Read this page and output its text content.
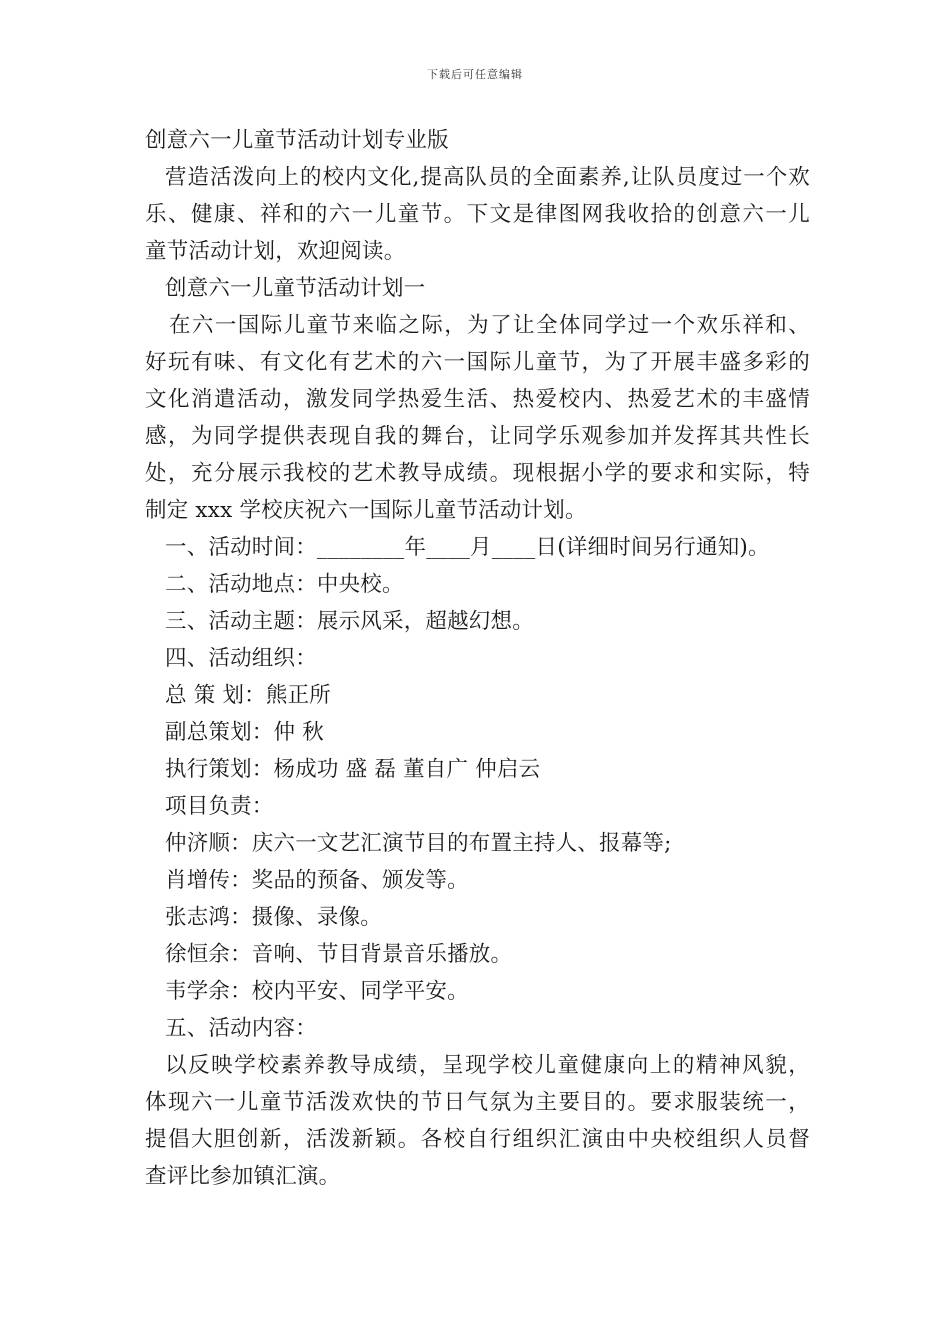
下载后可任意编辑
创意六一儿童节活动计划专业版
营造活泼向上的校内文化,提高队员的全面素养,让队员度过一个欢
乐、健康、祥和的六一儿童节。下文是律图网我收拾的创意六一儿
童节活动计划，欢迎阅读。
创意六一儿童节活动计划一
在六一国际儿童节来临之际，为了让全体同学过一个欢乐祥和、
好玩有味、有文化有艺术的六一国际儿童节，为了开展丰盛多彩的
文化消遣活动，激发同学热爱生活、热爱校内、热爱艺术的丰盛情
感，为同学提供表现自我的舞台，让同学乐观参加并发挥其共性长
处，充分展示我校的艺术教导成绩。现根据小学的要求和实际，特
制定 xxx 学校庆祝六一国际儿童节活动计划。
一、活动时间：________年____月____日(详细时间另行通知)。
二、活动地点：中央校。
三、活动主题：展示风采，超越幻想。
四、活动组织：
总 策 划：熊正所
副总策划：仲 秋
执行策划：杨成功 盛 磊 董自广 仲启云
项目负责：
仲济顺：庆六一文艺汇演节目的布置主持人、报幕等;
肖增传：奖品的预备、颁发等。
张志鸿：摄像、录像。
徐恒余：音响、节目背景音乐播放。
韦学余：校内平安、同学平安。
五、活动内容：
以反映学校素养教导成绩，呈现学校儿童健康向上的精神风貌，
体现六一儿童节活泼欢快的节日气氛为主要目的。要求服装统一，
提倡大胆创新，活泼新颖。各校自行组织汇演由中央校组织人员督
查评比参加镇汇演。
